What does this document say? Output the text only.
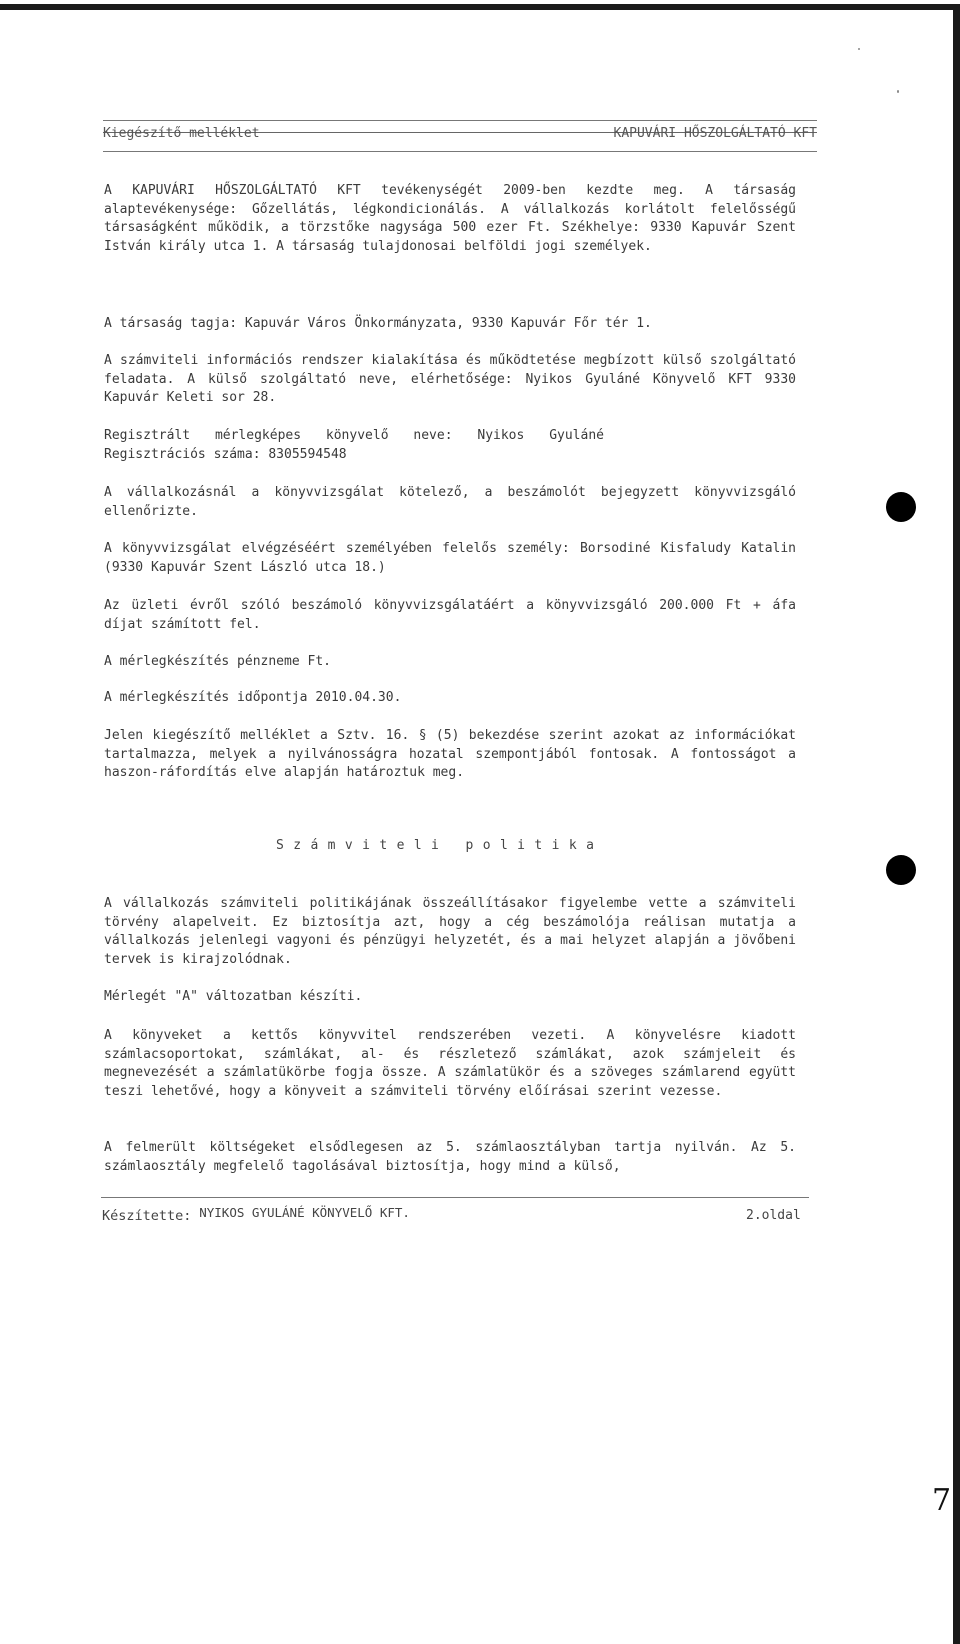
Kiegészítő melléklet	KAPUVÁRI HŐSZOLGÁLTATÓ KFT
A KAPUVÁRI HŐSZOLGÁLTATÓ KFT tevékenységét 2009-ben kezdte meg. A társaság alaptevékenysége: Gőzellátás, légkondicionálás. A vállalkozás korlátolt felelősségű társaságként működik, a törzstőke nagysága 500 ezer Ft. Székhelye: 9330 Kapuvár Szent István király utca 1. A társaság tulajdonosai belföldi jogi személyek.
A társaság tagja: Kapuvár Város Önkormányzata, 9330 Kapuvár Főr tér 1.
A számviteli információs rendszer kialakítása és működtetése megbízott külső szolgáltató feladata. A külső szolgáltató neve, elérhetősége: Nyikos Gyuláné Könyvelő KFT 9330 Kapuvár Keleti sor 28.
Regisztrált mérlegképes könyvelő neve: Nyikos Gyuláné Regisztrációs száma: 8305594548
A vállalkozásnál a könyvvizsgálat kötelező, a beszámolót bejegyzett könyvvizsgáló ellenőrizte.
A könyvvizsgálat elvégzéséért személyében felelős személy: Borsodiné Kisfaludy Katalin (9330 Kapuvár Szent László utca 18.)
Az üzleti évről szóló beszámoló könyvvizsgálatáért a könyvvizsgáló 200.000 Ft + áfa díjat számított fel.
A mérlegkészítés pénzneme Ft.
A mérlegkészítés időpontja 2010.04.30.
Jelen kiegészítő melléklet a Sztv. 16. § (5) bekezdése szerint azokat az információkat tartalmazza, melyek a nyilvánosságra hozatal szempontjából fontosak. A fontosságot a haszon-ráfordítás elve alapján határoztuk meg.
Számviteli politika
A vállalkozás számviteli politikájának összeállításakor figyelembe vette a számviteli törvény alapelveit. Ez biztosítja azt, hogy a cég beszámolója reálisan mutatja a vállalkozás jelenlegi vagyoni és pénzügyi helyzetét, és a mai helyzet alapján a jövőbeni tervek is kirajzolódnak.
Mérlegét "A" változatban készíti.
A könyveket a kettős könyvvitel rendszerében vezeti. A könyvelésre kiadott számlacsoportokat, számlákat, al- és részletező számlákat, azok számjeleit és megnevezését a számlatükörbe fogja össze. A számlatükör és a szöveges számlarend együtt teszi lehetővé, hogy a könyveit a számviteli törvény előírásai szerint vezesse.
A felmerült költségeket elsődlegesen az 5. számlaosztályban tartja nyilván. Az 5. számlaosztály megfelelő tagolásával biztosítja, hogy mind a külső,
Készítette: NYIKOS GYULÁNÉ KÖNYVELŐ KFT.	2.oldal
7
